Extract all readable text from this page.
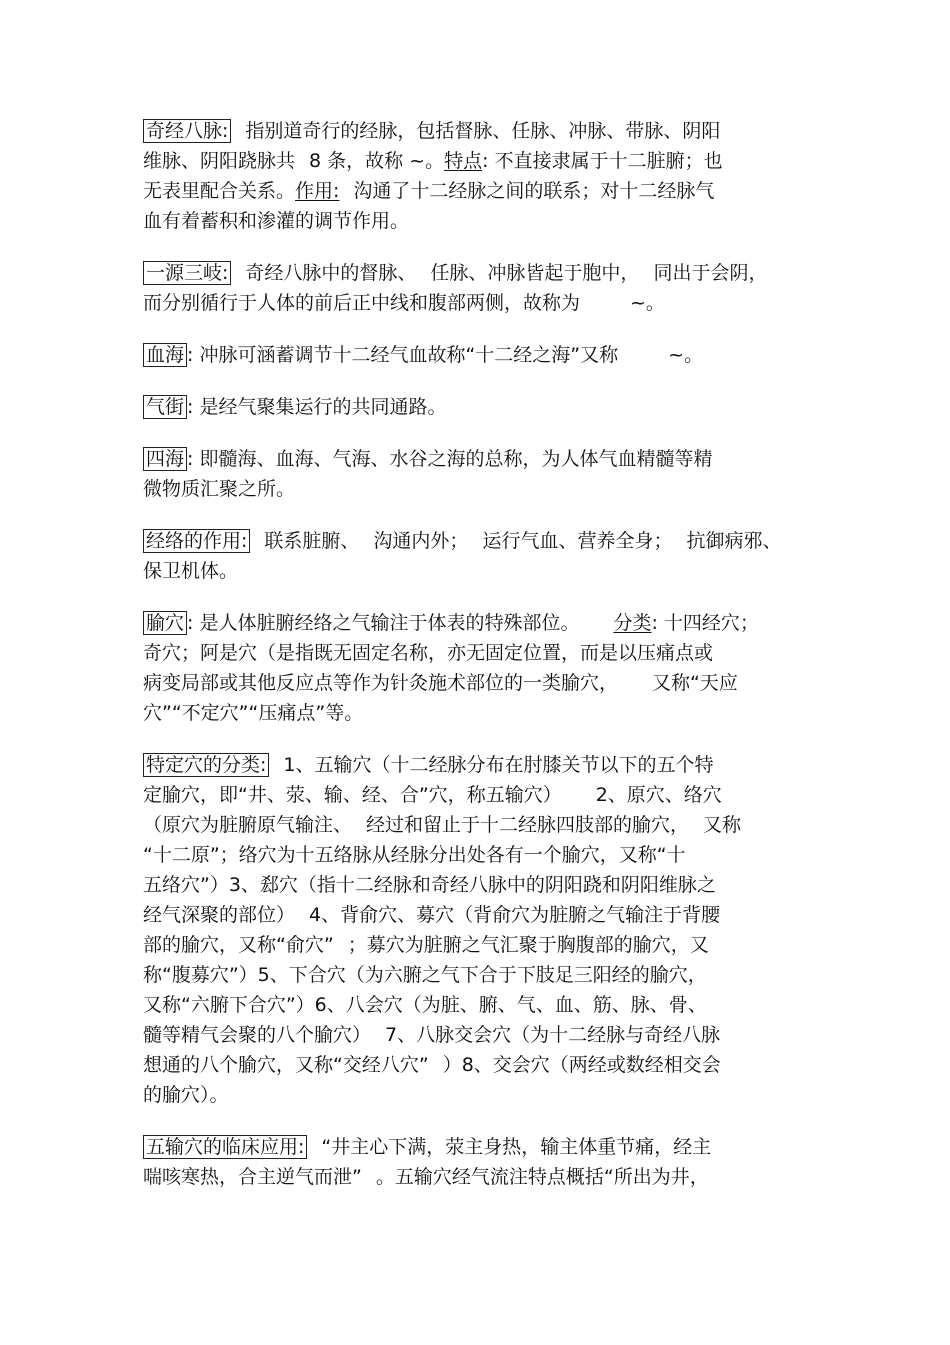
奇经八脉: 指别道奇行的经脉，包括督脉、任脉、冲脉、带脉、阴阳
维脉、阴阳跷脉共 8 条，故称 ~。特点: 不直接隶属于十二脏腑；也
无表里配合关系。作用: 沟通了十二经脉之间的联系；对十二经脉气
血有着蓄积和渗灌的调节作用。
一源三岐: 奇经八脉中的督脉、 任脉、冲脉皆起于胞中， 同出于会阴，
而分别循行于人体的前后正中线和腹部两侧，故称为	~。
血海 : 冲脉可涵蓄调节十二经气血故称“十二经之海”又称	~。
气街 : 是经气聚集运行的共同通路。
四海 : 即髓海、血海、气海、水谷之海的总称，为人体气血精髓等精
微物质汇聚之所。
经络的作用: 联系脏腑、 沟通内外； 运行气血、营养全身； 抗御病邪、
保卫机体。
腧穴 : 是人体脏腑经络之气输注于体表的特殊部位。 分类: 十四经穴；
奇穴；阿是穴（是指既无固定名称，亦无固定位置，而是以压痛点或
病变局部或其他反应点等作为针灸施术部位的一类腧穴， 又称“天应
穴”“不定穴”“压痛点”等。
特定穴的分类: 1、五输穴（十二经脉分布在肘膝关节以下的五个特
定腧穴，即“井、荥、输、经、合”穴，称五输穴） 2、原穴、络穴
（原穴为脏腑原气输注、 经过和留止于十二经脉四肢部的腧穴， 又称
“十二原”；络穴为十五络脉从经脉分出处各有一个腧穴，又称“十
五络穴”）3、郄穴（指十二经脉和奇经八脉中的阴阳跷和阴阳维脉之
经气深聚的部位） 4、背俞穴、募穴（背俞穴为脏腑之气输注于背腰
部的腧穴，又称“俞穴” ；募穴为脏腑之气汇聚于胸腹部的腧穴，又
称“腹募穴”）5、下合穴（为六腑之气下合于下肢足三阳经的腧穴，
又称“六腑下合穴”）6、八会穴（为脏、腑、气、血、筋、脉、骨、
髓等精气会聚的八个腧穴） 7、八脉交会穴（为十二经脉与奇经八脉
想通的八个腧穴，又称“交经八穴” ）8、交会穴（两经或数经相交会
的腧穴）。
五输穴的临床应用: “井主心下满，荥主身热，输主体重节痛，经主
喘咳寒热，合主逆气而泄” 。五输穴经气流注特点概括“所出为井，
